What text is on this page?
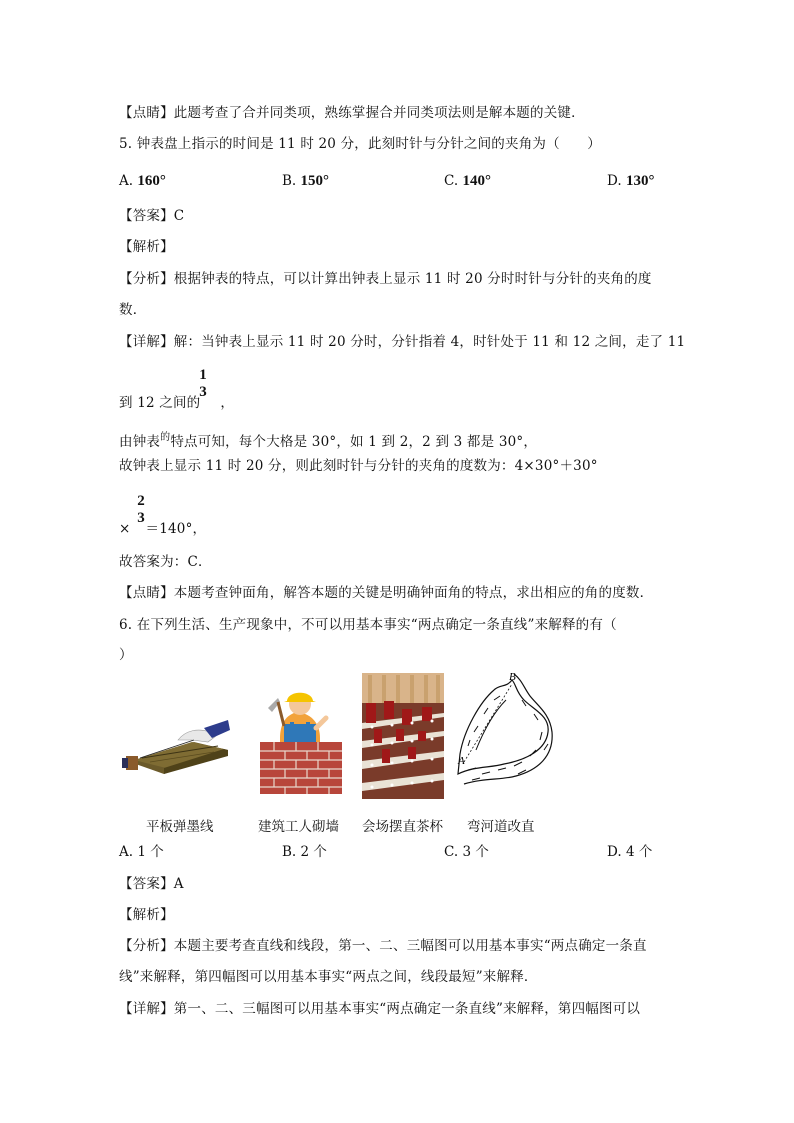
【点睛】此题考查了合并同类项，熟练掌握合并同类项法则是解本题的关键．
5. 钟表盘上指示的时间是 11 时 20 分，此刻时针与分针之间的夹角为（　　）
A. 160°	B. 150°	C. 140°	D. 130°
【答案】C
【解析】
【分析】根据钟表的特点，可以计算出钟表上显示 11 时 20 分时时针与分针的夹角的度
数．
【详解】解：当钟表上显示 11 时 20 分时，分针指着 4，时针处于 11 和 12 之间，走了 11
1
3
到 12 之间的 ，
由钟表$^的$特点可知，每个大格是 30°，如 1 到 2，2 到 3 都是 30°，
故钟表上显示 11 时 20 分，则此刻时针与分针的夹角的度数为：4×30°＋30°
2
3
× ＝140°，
故答案为：C．
【点睛】本题考查钟面角，解答本题的关键是明确钟面角的特点，求出相应的角的度数．
6. 在下列生活、生产现象中，不可以用基本事实“两点确定一条直线”来解释的有（
）
B
A
平板弹墨线	建筑工人砌墙 会场摆直茶杯 弯河道改直
A. 1 个	B. 2 个	C. 3 个	D. 4 个
【答案】A
【解析】
【分析】本题主要考查直线和线段，第一、二、三幅图可以用基本事实“两点确定一条直
线”来解释，第四幅图可以用基本事实“两点之间，线段最短”来解释．
【详解】第一、二、三幅图可以用基本事实“两点确定一条直线”来解释，第四幅图可以
